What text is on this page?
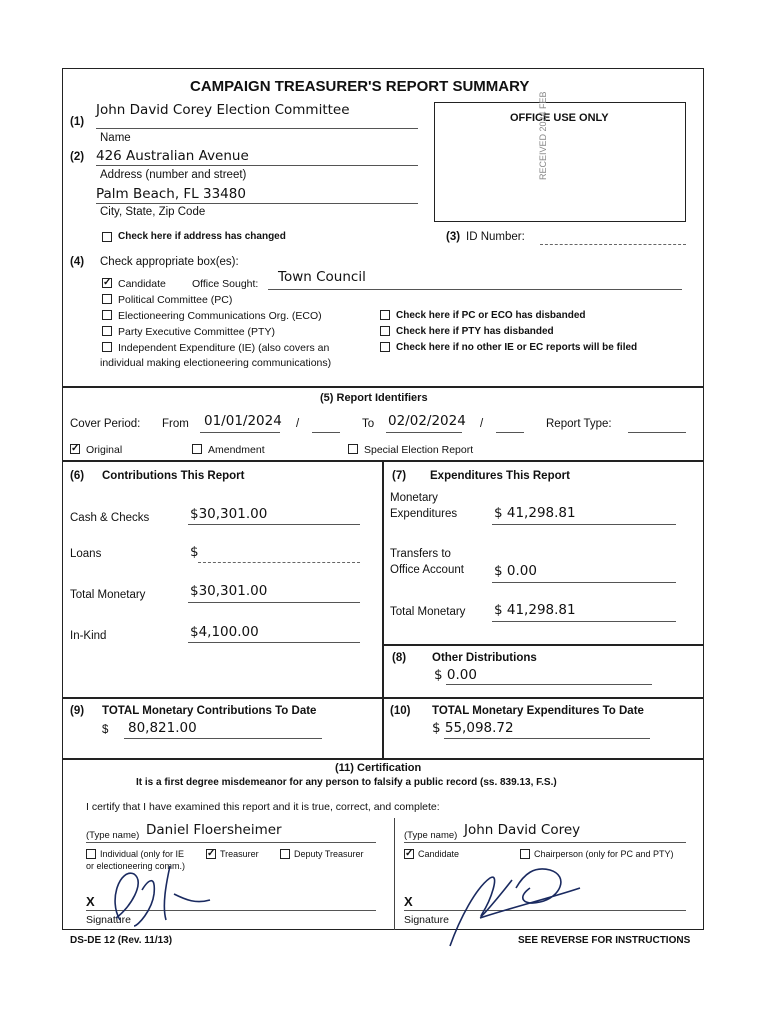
CAMPAIGN TREASURER'S REPORT SUMMARY
OFFICE USE ONLY
RECEIVED 2024 FEB
(1)
John David Corey Election Committee
Name
(2) 426 Australian Avenue
Address (number and street)
Palm Beach, FL 33480
City, State, Zip Code
Check here if address has changed	(3) ID Number:
(4) Check appropriate box(es):
✓ Candidate Office Sought: Town Council
Political Committee (PC)
Electioneering Communications Org. (ECO)
Party Executive Committee (PTY)
Independent Expenditure (IE) (also covers an
individual making electioneering communications)
Check here if PC or ECO has disbanded
Check here if PTY has disbanded
Check here if no other IE or EC reports will be filed
(5) Report Identifiers
Cover Period: From 01/01/2024 /	To 02/02/2024 /	Report Type:
✓ Original	Amendment	Special Election Report
(6) Contributions This Report
Cash & Checks	$30,301.00
Loans	$
Total Monetary	$30,301.00
In-Kind	$4,100.00
(7) Expenditures This Report
Monetary
Expenditures	$ 41,298.81
Transfers to
Office Account $ 0.00
Total Monetary $ 41,298.81
(8) Other Distributions
$ 0.00
(9) TOTAL Monetary Contributions To Date
$ 80,821.00
(10) TOTAL Monetary Expenditures To Date
$ 55,098.72
(11) Certification
It is a first degree misdemeanor for any person to falsify a public record (ss. 839.13, F.S.)
I certify that I have examined this report and it is true, correct, and complete:
(Type name) Daniel Floersheimer
Individual (only for IE
or electioneering comm.)
✓ Treasurer	Deputy Treasurer
X
Signature
(Type name) John David Corey
✓ Candidate	Chairperson (only for PC and PTY)
X
Signature
DS-DE 12 (Rev. 11/13)	SEE REVERSE FOR INSTRUCTIONS
